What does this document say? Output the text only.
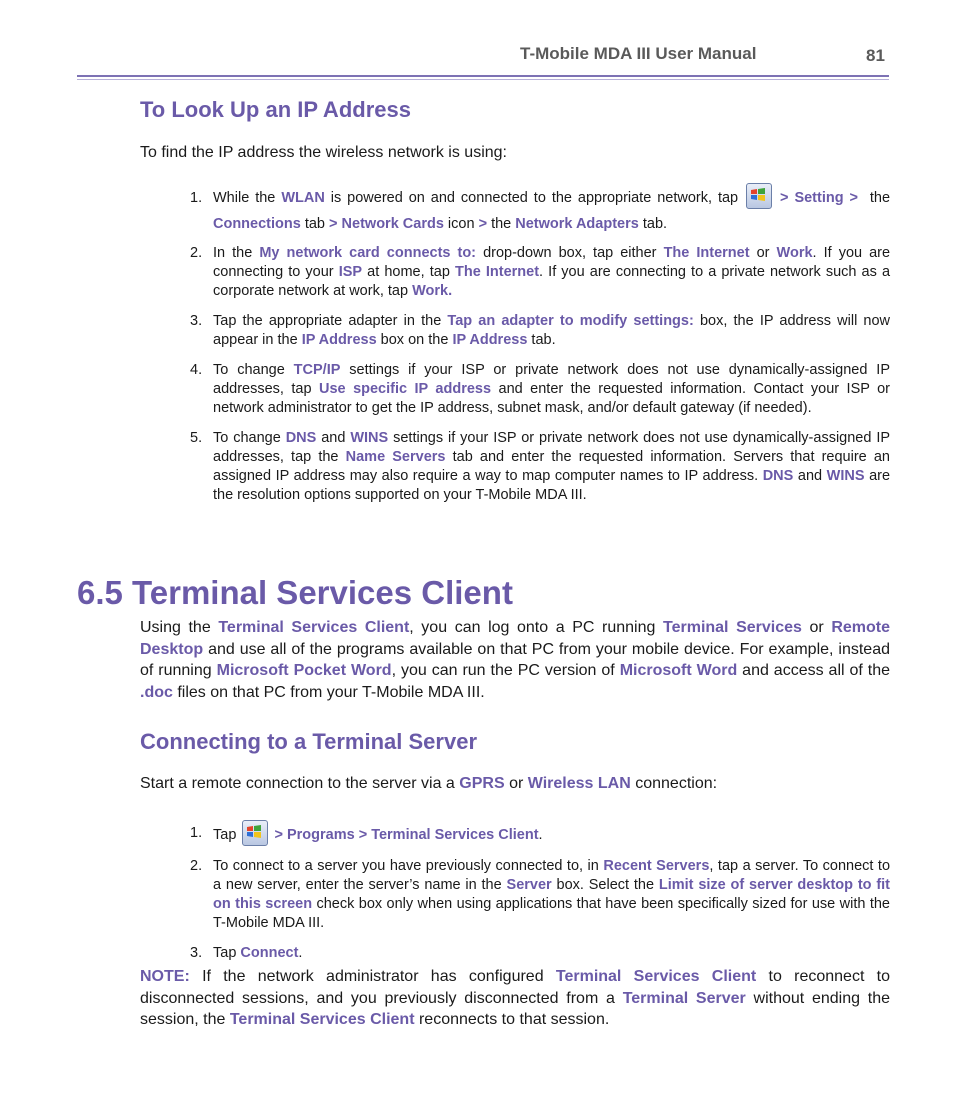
T-Mobile MDA III User Manual	81
To Look Up an IP Address
To find the IP address the wireless network is using:
1. While the WLAN is powered on and connected to the appropriate network, tap	> Setting > the Connections tab > Network Cards icon > the Network Adapters tab.
2. In the My network card connects to: drop-down box, tap either The Internet or Work. If you are connecting to your ISP at home, tap The Internet. If you are connecting to a private network such as a corporate network at work, tap Work.
3. Tap the appropriate adapter in the Tap an adapter to modify settings: box, the IP address will now appear in the IP Address box on the IP Address tab.
4. To change TCP/IP settings if your ISP or private network does not use dynamically-assigned IP addresses, tap Use specific IP address and enter the requested information. Contact your ISP or network administrator to get the IP address, subnet mask, and/or default gateway (if needed).
5. To change DNS and WINS settings if your ISP or private network does not use dynamically-assigned IP addresses, tap the Name Servers tab and enter the requested information. Servers that require an assigned IP address may also require a way to map computer names to IP address. DNS and WINS are the resolution options supported on your T-Mobile MDA III.
6.5 Terminal Services Client
Using the Terminal Services Client, you can log onto a PC running Terminal Services or Remote Desktop and use all of the programs available on that PC from your mobile device. For example, instead of running Microsoft Pocket Word, you can run the PC version of Microsoft Word and access all of the .doc files on that PC from your T-Mobile MDA III.
Connecting to a Terminal Server
Start a remote connection to the server via a GPRS or Wireless LAN connection:
1. Tap	> Programs > Terminal Services Client.
2. To connect to a server you have previously connected to, in Recent Servers, tap a server. To connect to a new server, enter the server’s name in the Server box. Select the Limit size of server desktop to fit on this screen check box only when using applications that have been specifically sized for use with the T-Mobile MDA III.
3. Tap Connect.
NOTE: If the network administrator has configured Terminal Services Client to reconnect to disconnected sessions, and you previously disconnected from a Terminal Server without ending the session, the Terminal Services Client reconnects to that session.
